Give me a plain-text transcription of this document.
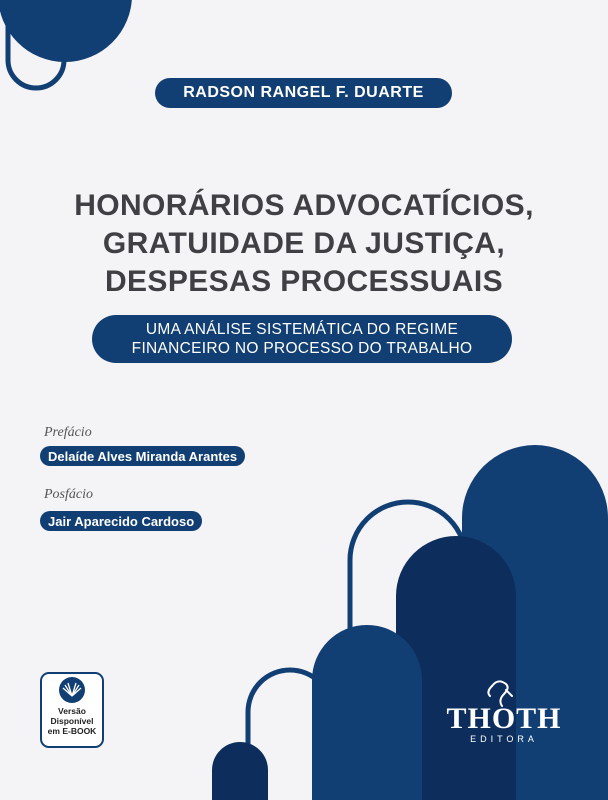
RADSON RANGEL F. DUARTE
HONORÁRIOS ADVOCATÍCIOS,
GRATUIDADE DA JUSTIÇA,
DESPESAS PROCESSUAIS
UMA ANÁLISE SISTEMÁTICA DO REGIME
FINANCEIRO NO PROCESSO DO TRABALHO
Prefácio
Delaíde Alves Miranda Arantes
Posfácio
Jair Aparecido Cardoso
Versão
Disponível
em E-BOOK	THOTH
EDITORA
